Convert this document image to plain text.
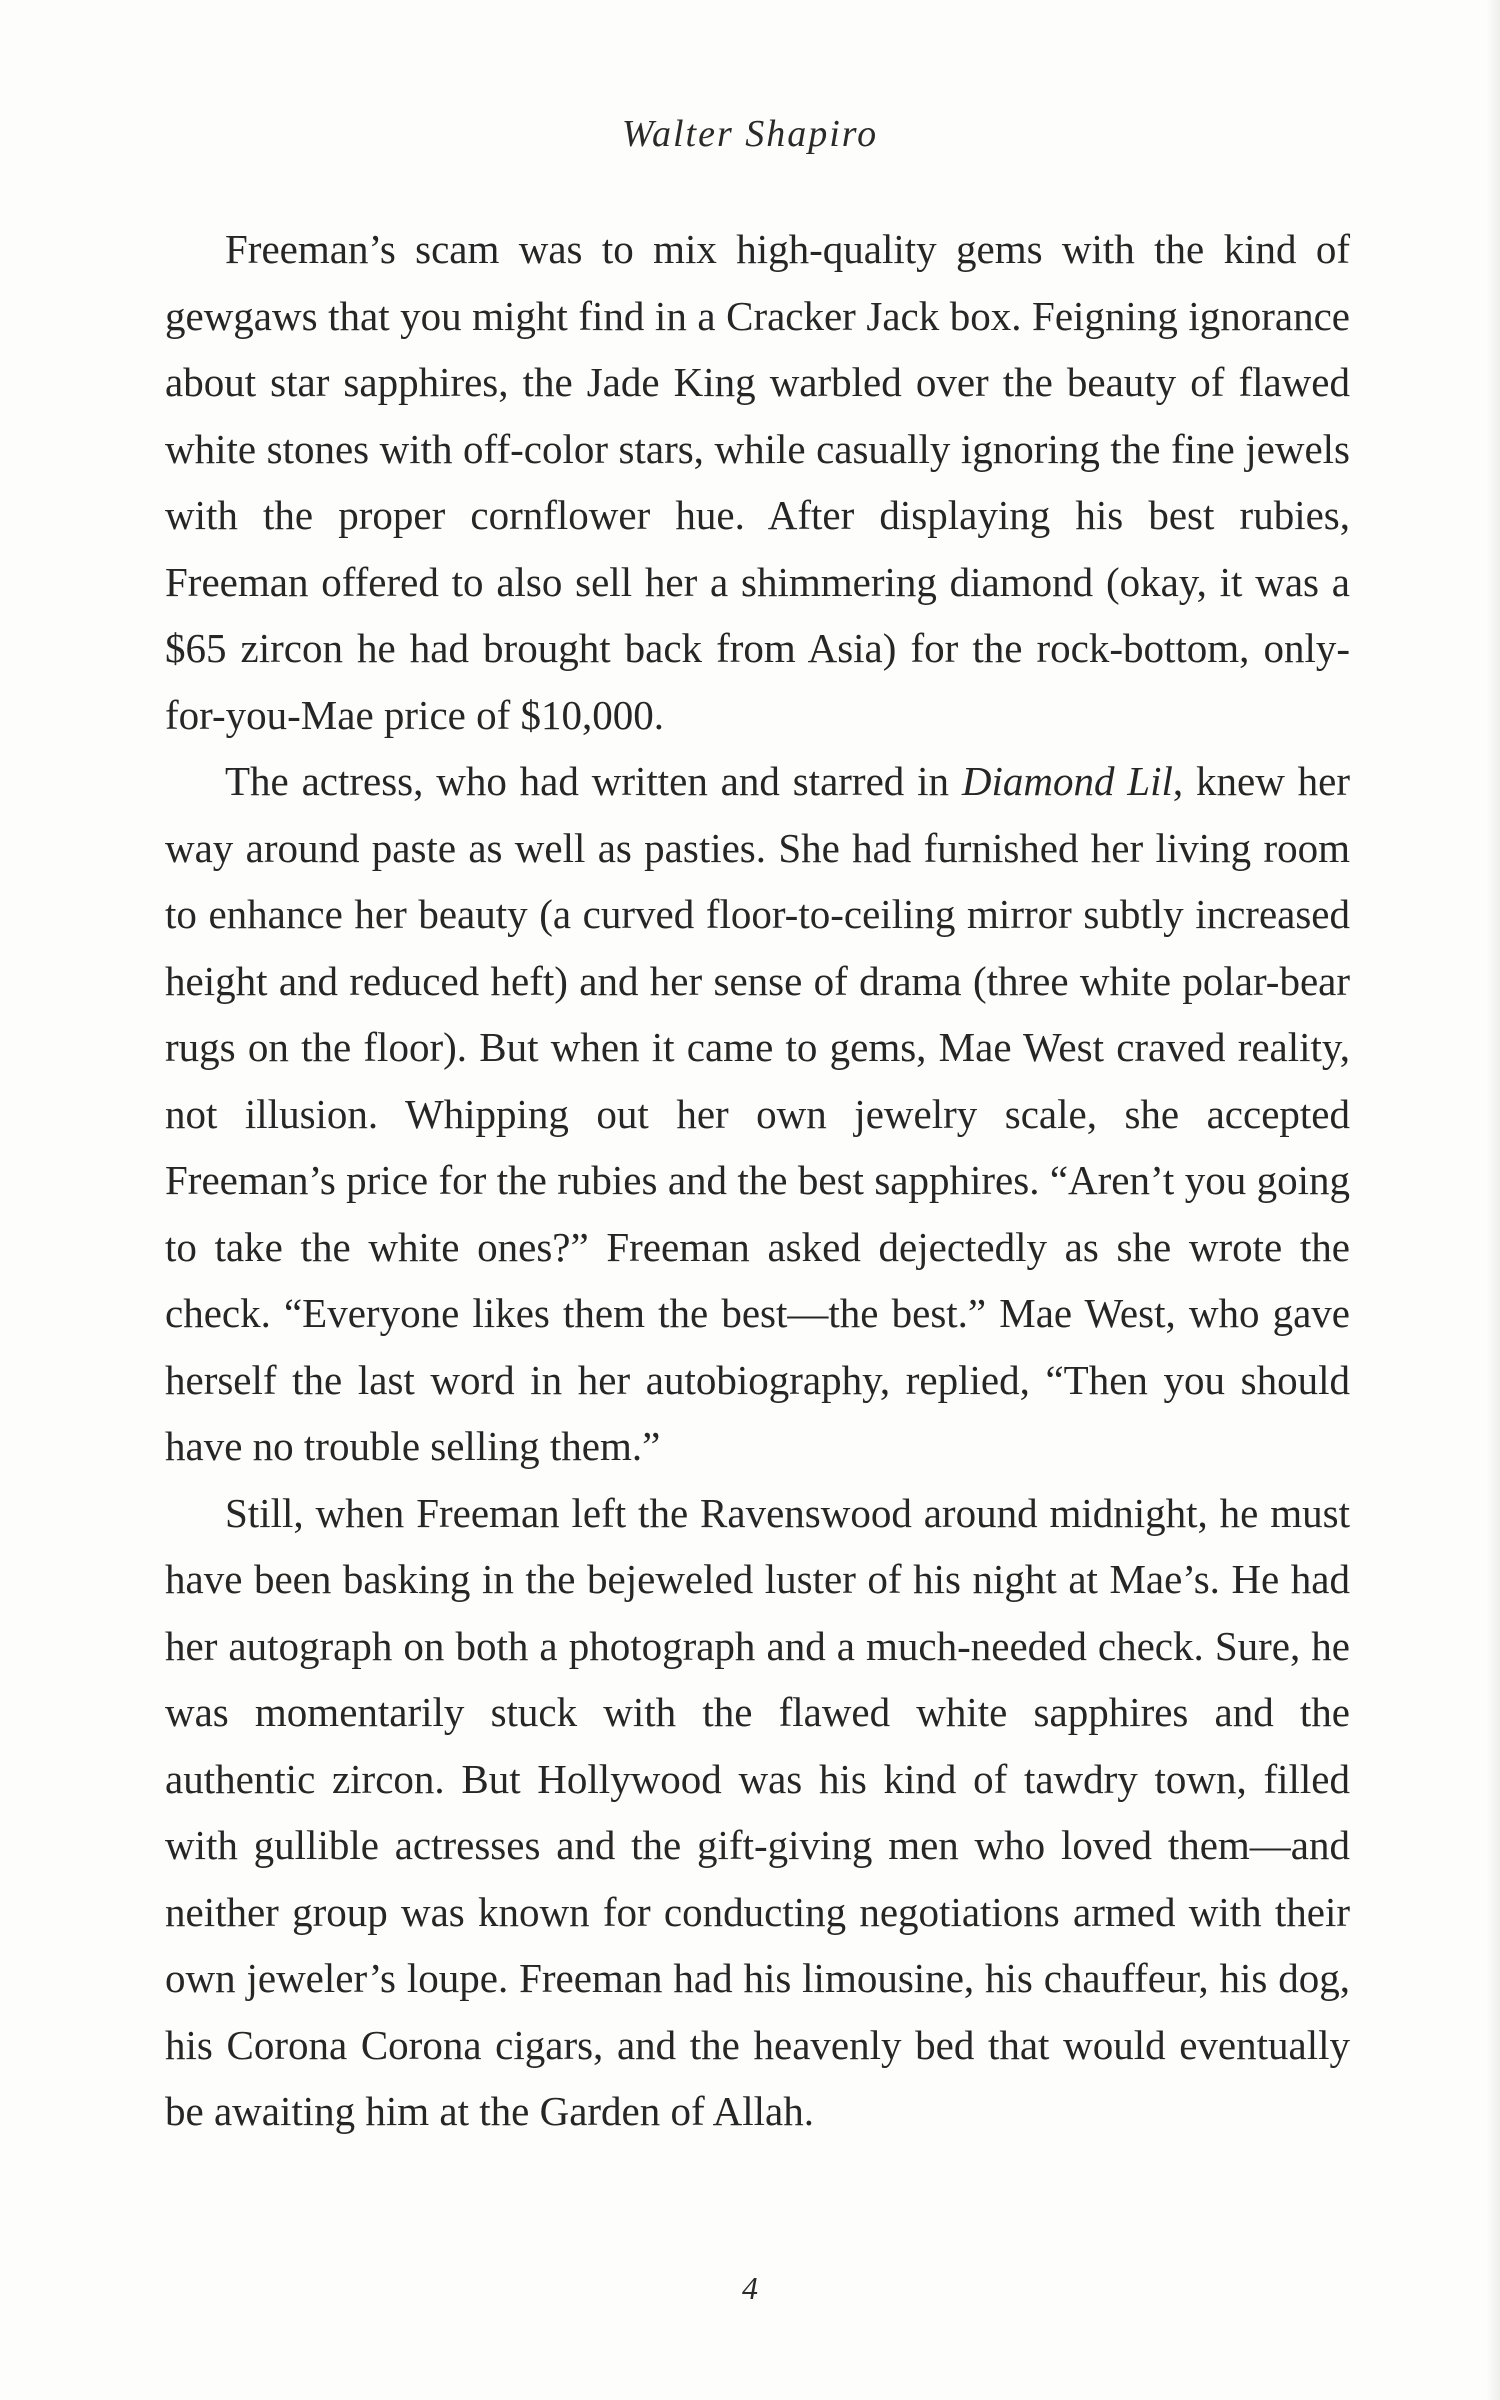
Walter Shapiro

Freeman’s scam was to mix high-quality gems with the kind of gewgaws that you might find in a Cracker Jack box. Feigning ignorance about star sapphires, the Jade King warbled over the beauty of flawed white stones with off-color stars, while casually ignoring the fine jewels with the proper cornflower hue. After displaying his best rubies, Freeman offered to also sell her a shimmering diamond (okay, it was a $65 zircon he had brought back from Asia) for the rock-bottom, only-for-you-Mae price of $10,000.

The actress, who had written and starred in Diamond Lil, knew her way around paste as well as pasties. She had furnished her living room to enhance her beauty (a curved floor-to-ceiling mirror subtly increased height and reduced heft) and her sense of drama (three white polar-bear rugs on the floor). But when it came to gems, Mae West craved reality, not illusion. Whipping out her own jewelry scale, she accepted Freeman’s price for the rubies and the best sapphires. “Aren’t you going to take the white ones?” Freeman asked dejectedly as she wrote the check. “Everyone likes them the best—the best.” Mae West, who gave herself the last word in her autobiography, replied, “Then you should have no trouble selling them.”

Still, when Freeman left the Ravenswood around midnight, he must have been basking in the bejeweled luster of his night at Mae’s. He had her autograph on both a photograph and a much-needed check. Sure, he was momentarily stuck with the flawed white sapphires and the authentic zircon. But Hollywood was his kind of tawdry town, filled with gullible actresses and the gift-giving men who loved them—and neither group was known for conducting negotiations armed with their own jeweler’s loupe. Freeman had his limousine, his chauffeur, his dog, his Corona Corona cigars, and the heavenly bed that would eventually be awaiting him at the Garden of Allah.

4
